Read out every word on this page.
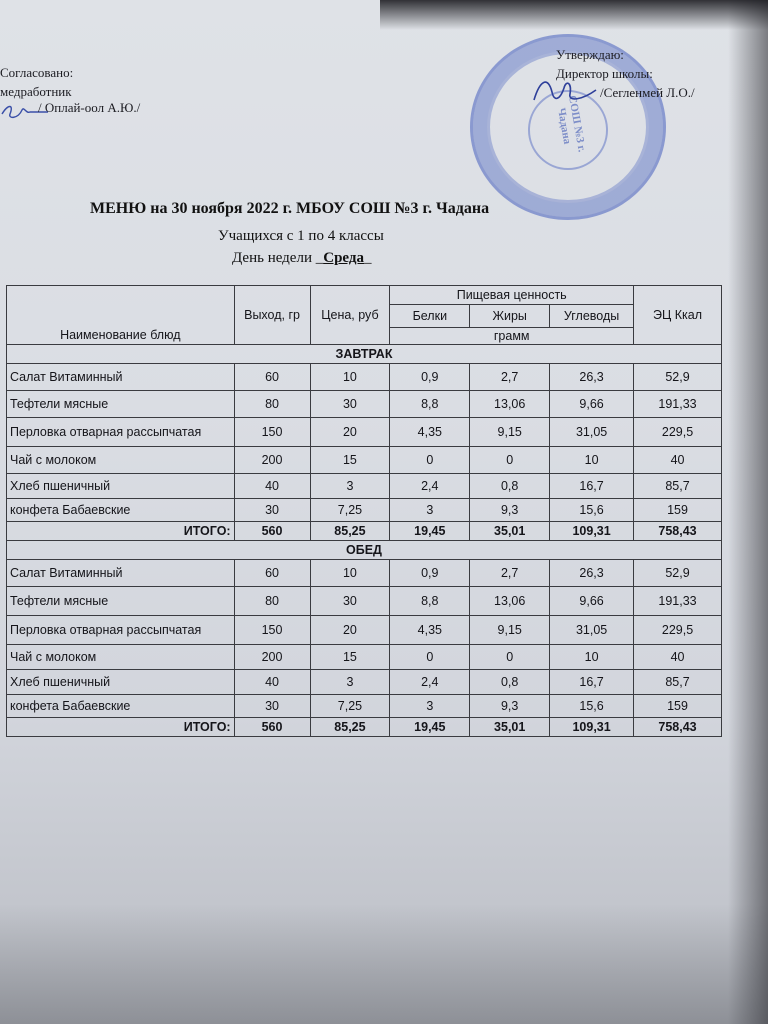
Согласовано:
медработник
/ Оплай-оол А.Ю./	СОШ №3 г. Чадана
Утверждаю:
Директор школы:
/Сегленмей Л.О./
МЕНЮ на 30 ноября 2022 г. МБОУ СОШ №3 г. Чадана
Учащихся с 1 по 4 классы
День недели _Среда_
Наименование блюд	Выход, гр	Цена, руб	Пищевая ценность			ЭЦ Ккал
			Белки	Жиры	Углеводы	
			грамм			
ЗАВТРАК						
Салат Витаминный	60	10	0,9	2,7	26,3	52,9
Тефтели мясные	80	30	8,8	13,06	9,66	191,33
Перловка отварная рассыпчатая	150	20	4,35	9,15	31,05	229,5
Чай с молоком	200	15	0	0	10	40
Хлеб пшеничный	40	3	2,4	0,8	16,7	85,7
конфета Бабаевские	30	7,25	3	9,3	15,6	159
ИТОГО:	560	85,25	19,45	35,01	109,31	758,43
ОБЕД						
Салат Витаминный	60	10	0,9	2,7	26,3	52,9
Тефтели мясные	80	30	8,8	13,06	9,66	191,33
Перловка отварная рассыпчатая	150	20	4,35	9,15	31,05	229,5
Чай с молоком	200	15	0	0	10	40
Хлеб пшеничный	40	3	2,4	0,8	16,7	85,7
конфета Бабаевские	30	7,25	3	9,3	15,6	159
ИТОГО:	560	85,25	19,45	35,01	109,31	758,43
